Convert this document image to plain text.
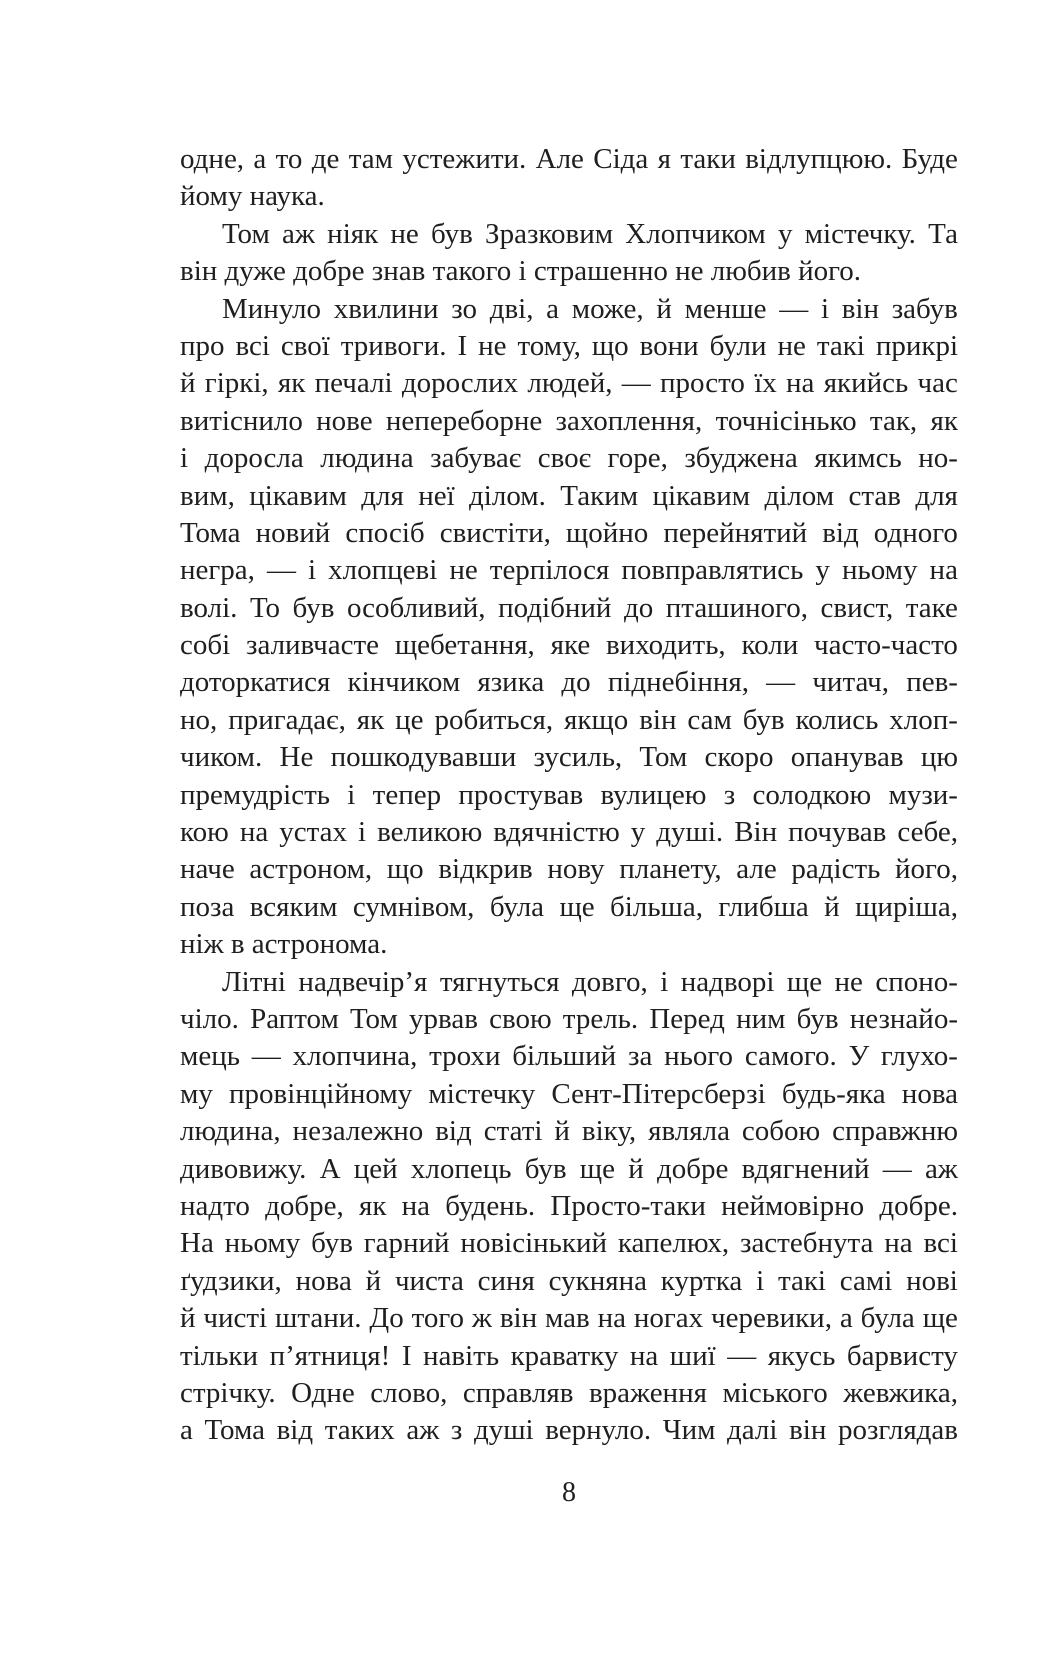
одне, а то де там устежити. Але Сіда я таки відлупцюю. Буде
йому наука.
Том аж ніяк не був Зразковим Хлопчиком у містечку. Та
він дуже добре знав такого і страшенно не любив його.
Минуло хвилини зо дві, а може, й менше — і він забув
про всі свої тривоги. І не тому, що вони були не такі прикрі
й гіркі, як печалі дорослих людей, — просто їх на якийсь час
витіснило нове непереборне захоплення, точнісінько так, як
і доросла людина забуває своє горе, збуджена якимсь но-
вим, цікавим для неї ділом. Таким цікавим ділом став для
Тома новий спосіб свистіти, щойно перейнятий від одного
негра, — і хлопцеві не терпілося повправлятись у ньому на
волі. То був особливий, подібний до пташиного, свист, таке
собі заливчасте щебетання, яке виходить, коли часто-часто
доторкатися кінчиком язика до піднебіння, — читач, пев-
но, пригадає, як це робиться, якщо він сам був колись хлоп-
чиком. Не пошкодувавши зусиль, Том скоро опанував цю
премудрість і тепер простував вулицею з солодкою музи-
кою на устах і великою вдячністю у душі. Він почував себе,
наче астроном, що відкрив нову планету, але радість його,
поза всяким сумнівом, була ще більша, глибша й щиріша,
ніж в астронома.
Літні надвечір’я тягнуться довго, і надворі ще не споно-
чіло. Раптом Том урвав свою трель. Перед ним був незнайо-
мець — хлопчина, трохи більший за нього самого. У глухо-
му провінційному містечку Сент-Пітерсберзі будь-яка нова
людина, незалежно від статі й віку, являла собою справжню
дивовижу. А цей хлопець був ще й добре вдягнений — аж
надто добре, як на будень. Просто-таки неймовірно добре.
На ньому був гарний новісінький капелюх, застебнута на всі
ґудзики, нова й чиста синя сукняна куртка і такі самі нові
й чисті штани. До того ж він мав на ногах черевики, а була ще
тільки п’ятниця! І навіть краватку на шиї — якусь барвисту
стрічку. Одне слово, справляв враження міського жевжика,
а Тома від таких аж з душі вернуло. Чим далі він розглядав
8
